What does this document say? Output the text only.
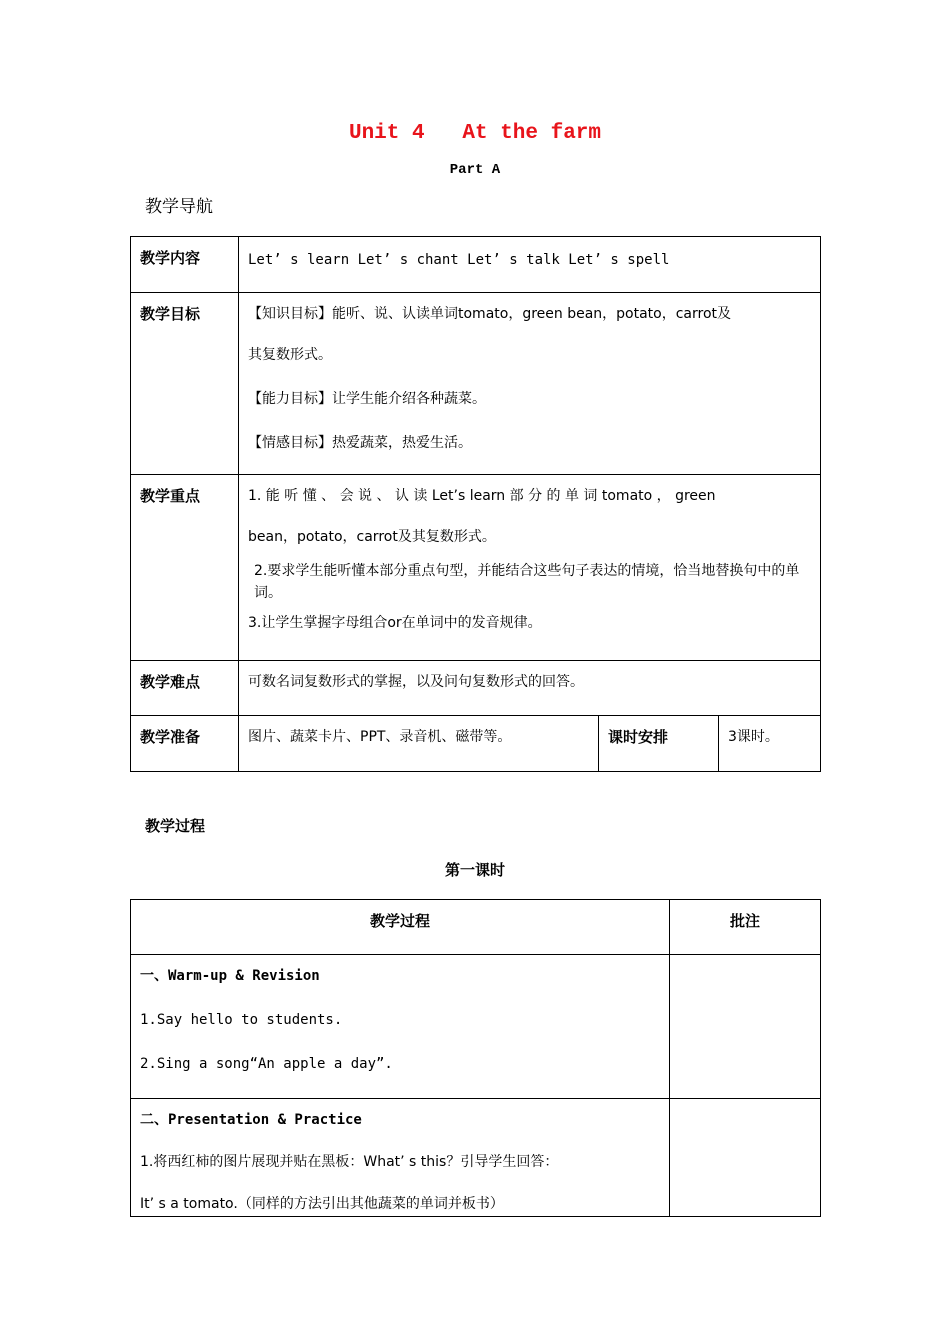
Unit 4   At the farm
Part A
教学导航
教学内容	Let’ s learn Let’ s chant Let’ s talk Let’ s spell		
教学目标	【知识目标】能听、说、认读单词tomato，green bean，potato，carrot及

其复数形式。

【能力目标】让学生能介绍各种蔬菜。

【情感目标】热爱蔬菜，热爱生活。		

教学重点	1. 能 听 懂 、 会 说 、 认 读 Let’s learn 部 分 的 单 词 tomato ， green

bean，potato，carrot及其复数形式。

2.要求学生能听懂本部分重点句型，并能结合这些句子表达的情境，恰当地替换句中的单词。

3.让学生掌握字母组合or在单词中的发音规律。		

教学难点	可数名词复数形式的掌握，以及问句复数形式的回答。		
教学准备	图片、蔬菜卡片、PPT、录音机、磁带等。	课时安排	3课时。
教学过程
第一课时
教学过程	批注

一、Warm-up & Revision

1.Say hello to students.

2.Sing a song“An apple a day”.	

二、Presentation & Practice

1.将西红柿的图片展现并贴在黑板：What’ s this？引导学生回答：

It’ s a tomato.（同样的方法引出其他蔬菜的单词并板书）	
